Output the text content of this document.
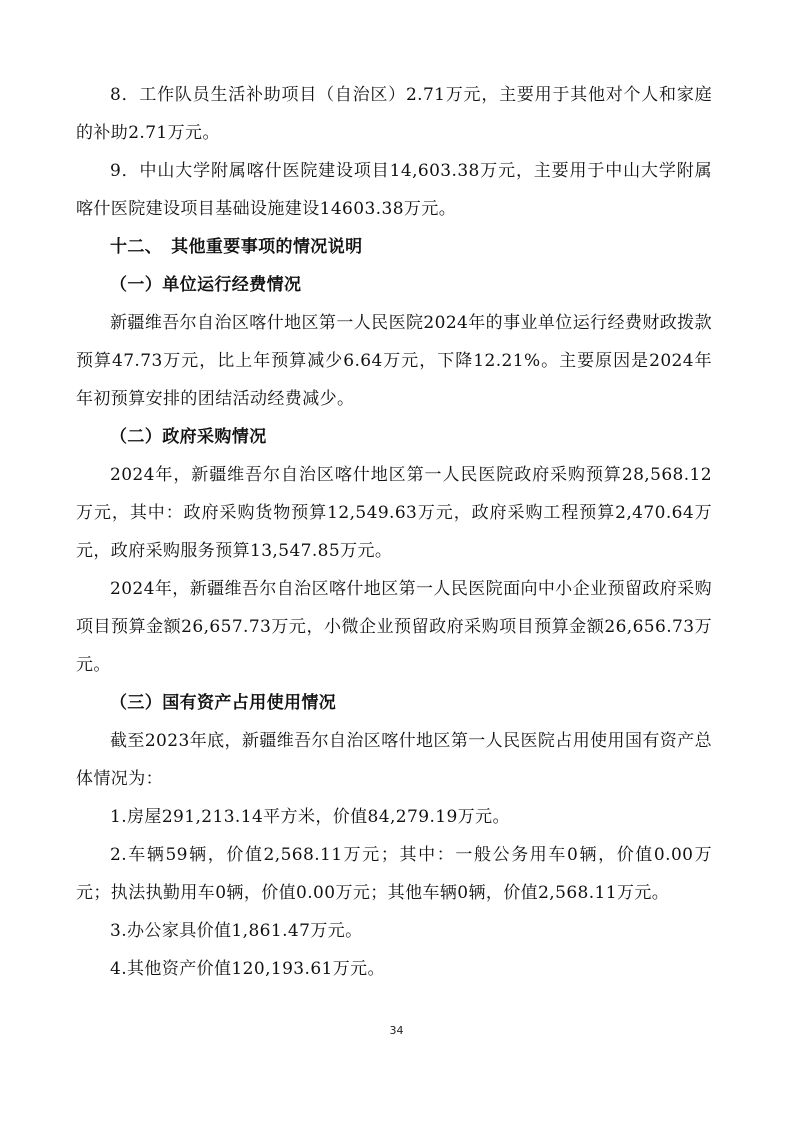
8．工作队员生活补助项目（自治区）2.71万元，主要用于其他对个人和家庭的补助2.71万元。

9．中山大学附属喀什医院建设项目14,603.38万元，主要用于中山大学附属喀什医院建设项目基础设施建设14603.38万元。

十二、　其他重要事项的情况说明

（一）单位运行经费情况

新疆维吾尔自治区喀什地区第一人民医院2024年的事业单位运行经费财政拨款预算47.73万元，比上年预算减少6.64万元，下降12.21%。主要原因是2024年年初预算安排的团结活动经费减少。

（二）政府采购情况

2024年，新疆维吾尔自治区喀什地区第一人民医院政府采购预算28,568.12万元，其中：政府采购货物预算12,549.63万元，政府采购工程预算2,470.64万元，政府采购服务预算13,547.85万元。

2024年，新疆维吾尔自治区喀什地区第一人民医院面向中小企业预留政府采购项目预算金额26,657.73万元，小微企业预留政府采购项目预算金额26,656.73万元。

（三）国有资产占用使用情况

截至2023年底，新疆维吾尔自治区喀什地区第一人民医院占用使用国有资产总体情况为：

1.房屋291,213.14平方米，价值84,279.19万元。

2.车辆59辆，价值2,568.11万元；其中：一般公务用车0辆，价值0.00万元；执法执勤用车0辆，价值0.00万元；其他车辆0辆，价值2,568.11万元。

3.办公家具价值1,861.47万元。

4.其他资产价值120,193.61万元。

34
